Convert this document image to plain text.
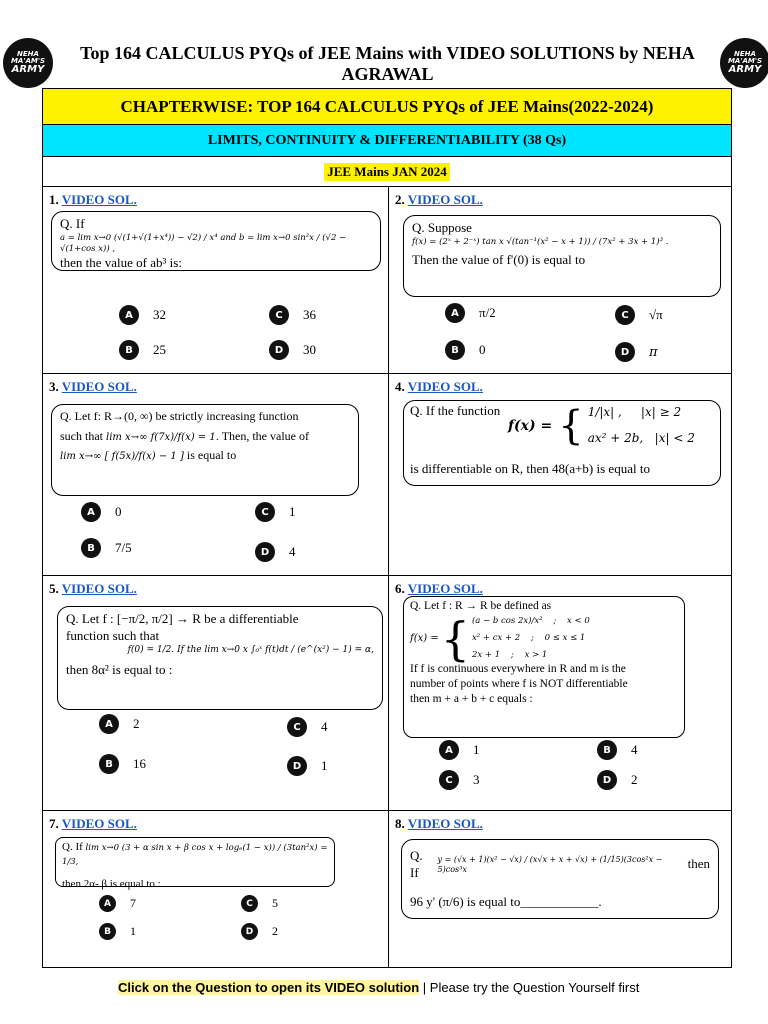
NEHA
MA'AM'S
ARMY
Top 164 CALCULUS PYQs of JEE Mains with VIDEO SOLUTIONS by NEHA AGRAWAL
NEHA
MA'AM'S
ARMY
CHAPTERWISE: TOP 164 CALCULUS PYQs of JEE Mains(2022-2024)
LIMITS, CONTINUITY & DIFFERENTIABILITY (38 Qs)
JEE Mains JAN 2024
1. VIDEO SOL.
Q. If
a = lim x→0 (√(1+√(1+x⁴)) − √2) / x⁴ and b = lim x→0 sin²x / (√2 − √(1+cos x)) ,
then the value of ab³ is:
A	32	C	36
B	25	D	30
2. VIDEO SOL.
Q. Suppose
f(x) = (2ˣ + 2⁻ˣ) tan x √(tan⁻¹(x² − x + 1)) / (7x² + 3x + 1)³ .
Then the value of f'(0) is equal to
A	π/2	C	√π
B	0	D	π
3. VIDEO SOL.
Q. Let f: R→(0, ∞) be strictly increasing function
such that lim x→∞ f(7x)/f(x) = 1. Then, the value of
lim x→∞ [ f(5x)/f(x) − 1 ] is equal to
A	0	C	1
B	7/5	D	4
4. VIDEO SOL.
Q. If the function
f(x) = { 1/|x| ,     |x| ≥ 2
ax² + 2b,   |x| < 2
is differentiable on R, then 48(a+b) is equal to
5. VIDEO SOL.
Q. Let f : [−π/2, π/2] → R be a differentiable
function such that
f(0) = 1/2. If the lim x→0 x ∫₀ˣ f(t)dt / (e^(x²) − 1) = α,
then 8α² is equal to :
A	2	C	4
B	16	D	1
6. VIDEO SOL.
Q. Let f : R → R be defined as
f(x) = { (a − b cos 2x)/x²    ;    x < 0
x² + cx + 2    ;    0 ≤ x ≤ 1
2x + 1    ;    x > 1
If f is continuous everywhere in R and m is the
number of points where f is NOT differentiable
then m + a + b + c equals :
A	1	B	4
C	3	D	2
7. VIDEO SOL.
Q. If lim x→0 (3 + α sin x + β cos x + logₑ(1 − x)) / (3tan²x) = 1/3,
then 2α- β is equal to :
A	7	C	5
B	1	D	2
8. VIDEO SOL.
Q. If
y = (√x + 1)(x² − √x) / (x√x + x + √x) + (1/15)(3cos²x − 5)cos³x	then
96 y' (π/6) is equal to____________.
Click on the Question to open its VIDEO solution | Please try the Question Yourself first
